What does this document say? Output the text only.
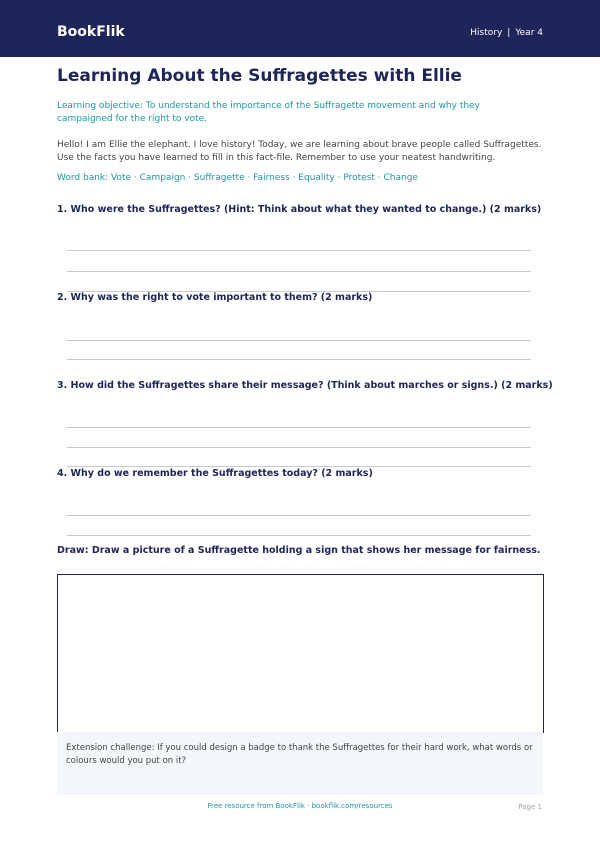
BookFlik	History | Year 4
Learning About the Suffragettes with Ellie

Learning objective: To understand the importance of the Suffragette movement and why they campaigned for the right to vote.

Hello! I am Ellie the elephant. I love history! Today, we are learning about brave people called Suffragettes. Use the facts you have learned to fill in this fact-file. Remember to use your neatest handwriting.

Word bank: Vote · Campaign · Suffragette · Fairness · Equality · Protest · Change

1. Who were the Suffragettes? (Hint: Think about what they wanted to change.) (2 marks)

2. Why was the right to vote important to them? (2 marks)

3. How did the Suffragettes share their message? (Think about marches or signs.) (2 marks)

4. Why do we remember the Suffragettes today? (2 marks)

Draw: Draw a picture of a Suffragette holding a sign that shows her message for fairness.

Extension challenge: If you could design a badge to thank the Suffragettes for their hard work, what words or colours would you put on it?
Free resource from BookFlik · bookflik.com/resources	Page 1
